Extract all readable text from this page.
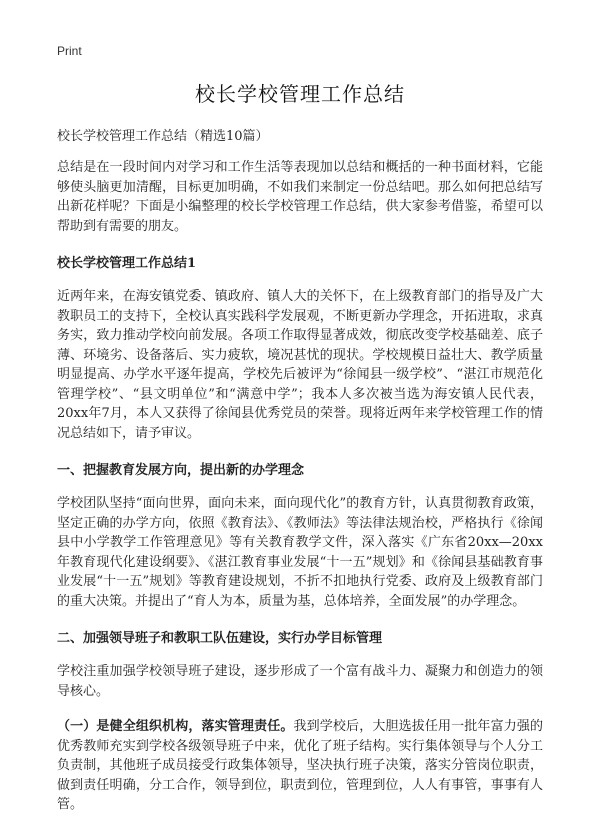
Print
校长学校管理工作总结

校长学校管理工作总结（精选10篇）

总结是在一段时间内对学习和工作生活等表现加以总结和概括的一种书面材料，它能够使头脑更加清醒，目标更加明确，不如我们来制定一份总结吧。那么如何把总结写出新花样呢？下面是小编整理的校长学校管理工作总结，供大家参考借鉴，希望可以帮助到有需要的朋友。

校长学校管理工作总结1

近两年来，在海安镇党委、镇政府、镇人大的关怀下，在上级教育部门的指导及广大教职员工的支持下，全校认真实践科学发展观，不断更新办学理念，开拓进取，求真务实，致力推动学校向前发展。各项工作取得显著成效，彻底改变学校基础差、底子薄、环境劣、设备落后、实力疲软，境况甚忧的现状。学校规模日益壮大、教学质量明显提高、办学水平逐年提高，学校先后被评为“徐闻县一级学校”、“湛江市规范化管理学校”、“县文明单位”和“满意中学”；我本人多次被当选为海安镇人民代表，20xx年7月，本人又获得了徐闻县优秀党员的荣誉。现将近两年来学校管理工作的情况总结如下，请予审议。

一、把握教育发展方向，提出新的办学理念

学校团队坚持“面向世界，面向未来，面向现代化”的教育方针，认真贯彻教育政策，坚定正确的办学方向，依照《教育法》、《教师法》等法律法规治校，严格执行《徐闻县中小学教学工作管理意见》等有关教育教学文件，深入落实《广东省20xx—20xx年教育现代化建设纲要》、《湛江教育事业发展“十一五”规划》和《徐闻县基础教育事业发展“十一五”规划》等教育建设规划，不折不扣地执行党委、政府及上级教育部门的重大决策。并提出了“育人为本，质量为基，总体培养，全面发展”的办学理念。

二、加强领导班子和教职工队伍建设，实行办学目标管理

学校注重加强学校领导班子建设，逐步形成了一个富有战斗力、凝聚力和创造力的领导核心。

（一）是健全组织机构，落实管理责任。我到学校后，大胆选拔任用一批年富力强的优秀教师充实到学校各级领导班子中来，优化了班子结构。实行集体领导与个人分工负责制，其他班子成员接受行政集体领导，坚决执行班子决策，落实分管岗位职责，做到责任明确，分工合作，领导到位，职责到位，管理到位，人人有事管，事事有人管。
